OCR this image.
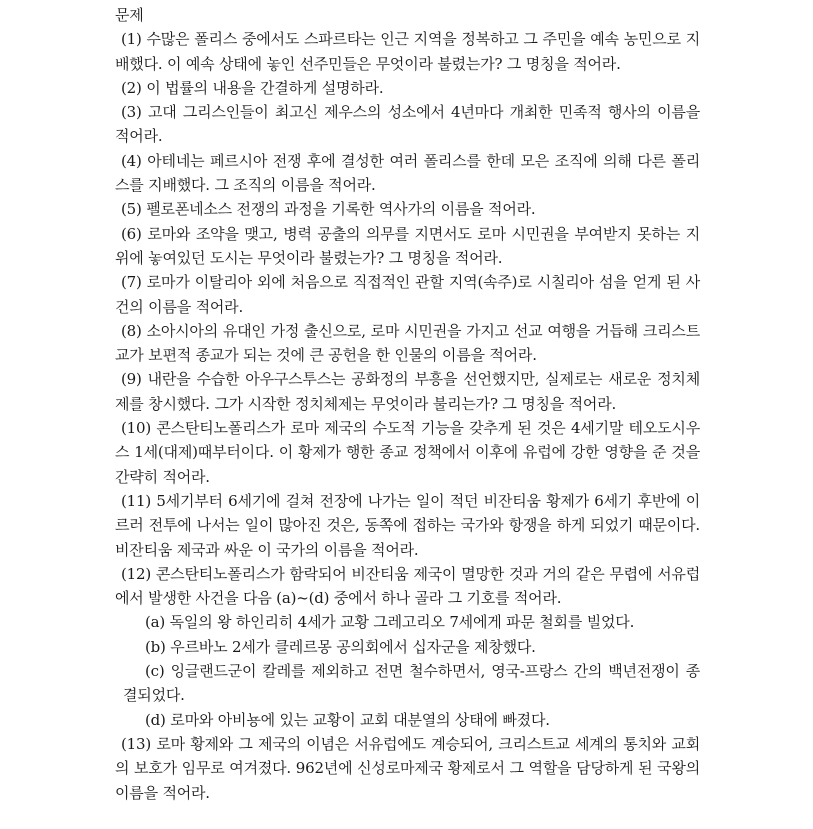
문제

(1) 수많은 폴리스 중에서도 스파르타는 인근 지역을 정복하고 그 주민을 예속 농민으로 지배했다. 이 예속 상태에 놓인 선주민들은 무엇이라 불렸는가? 그 명칭을 적어라.

(2) 이 법률의 내용을 간결하게 설명하라.

(3) 고대 그리스인들이 최고신 제우스의 성소에서 4년마다 개최한 민족적 행사의 이름을 적어라.

(4) 아테네는 페르시아 전쟁 후에 결성한 여러 폴리스를 한데 모은 조직에 의해 다른 폴리스를 지배했다. 그 조직의 이름을 적어라.

(5) 펠로폰네소스 전쟁의 과정을 기록한 역사가의 이름을 적어라.

(6) 로마와 조약을 맺고, 병력 공출의 의무를 지면서도 로마 시민권을 부여받지 못하는 지위에 놓여있던 도시는 무엇이라 불렸는가? 그 명칭을 적어라.

(7) 로마가 이탈리아 외에 처음으로 직접적인 관할 지역(속주)로 시칠리아 섬을 얻게 된 사건의 이름을 적어라.

(8) 소아시아의 유대인 가정 출신으로, 로마 시민권을 가지고 선교 여행을 거듭해 크리스트교가 보편적 종교가 되는 것에 큰 공헌을 한 인물의 이름을 적어라.

(9) 내란을 수습한 아우구스투스는 공화정의 부흥을 선언했지만, 실제로는 새로운 정치체제를 창시했다. 그가 시작한 정치체제는 무엇이라 불리는가? 그 명칭을 적어라.

(10) 콘스탄티노폴리스가 로마 제국의 수도적 기능을 갖추게 된 것은 4세기말 테오도시우스 1세(대제)때부터이다. 이 황제가 행한 종교 정책에서 이후에 유럽에 강한 영향을 준 것을 간략히 적어라.

(11) 5세기부터 6세기에 걸쳐 전장에 나가는 일이 적던 비잔티움 황제가 6세기 후반에 이르러 전투에 나서는 일이 많아진 것은, 동쪽에 접하는 국가와 항쟁을 하게 되었기 때문이다. 비잔티움 제국과 싸운 이 국가의 이름을 적어라.

(12) 콘스탄티노폴리스가 함락되어 비잔티움 제국이 멸망한 것과 거의 같은 무렵에 서유럽에서 발생한 사건을 다음 (a)~(d) 중에서 하나 골라 그 기호를 적어라.

(a) 독일의 왕 하인리히 4세가 교황 그레고리오 7세에게 파문 철회를 빌었다.

(b) 우르바노 2세가 클레르몽 공의회에서 십자군을 제창했다.

(c) 잉글랜드군이 칼레를 제외하고 전면 철수하면서, 영국-프랑스 간의 백년전쟁이 종결되었다.

(d) 로마와 아비뇽에 있는 교황이 교회 대분열의 상태에 빠졌다.

(13) 로마 황제와 그 제국의 이념은 서유럽에도 계승되어, 크리스트교 세계의 통치와 교회의 보호가 임무로 여겨졌다. 962년에 신성로마제국 황제로서 그 역할을 담당하게 된 국왕의 이름을 적어라.
